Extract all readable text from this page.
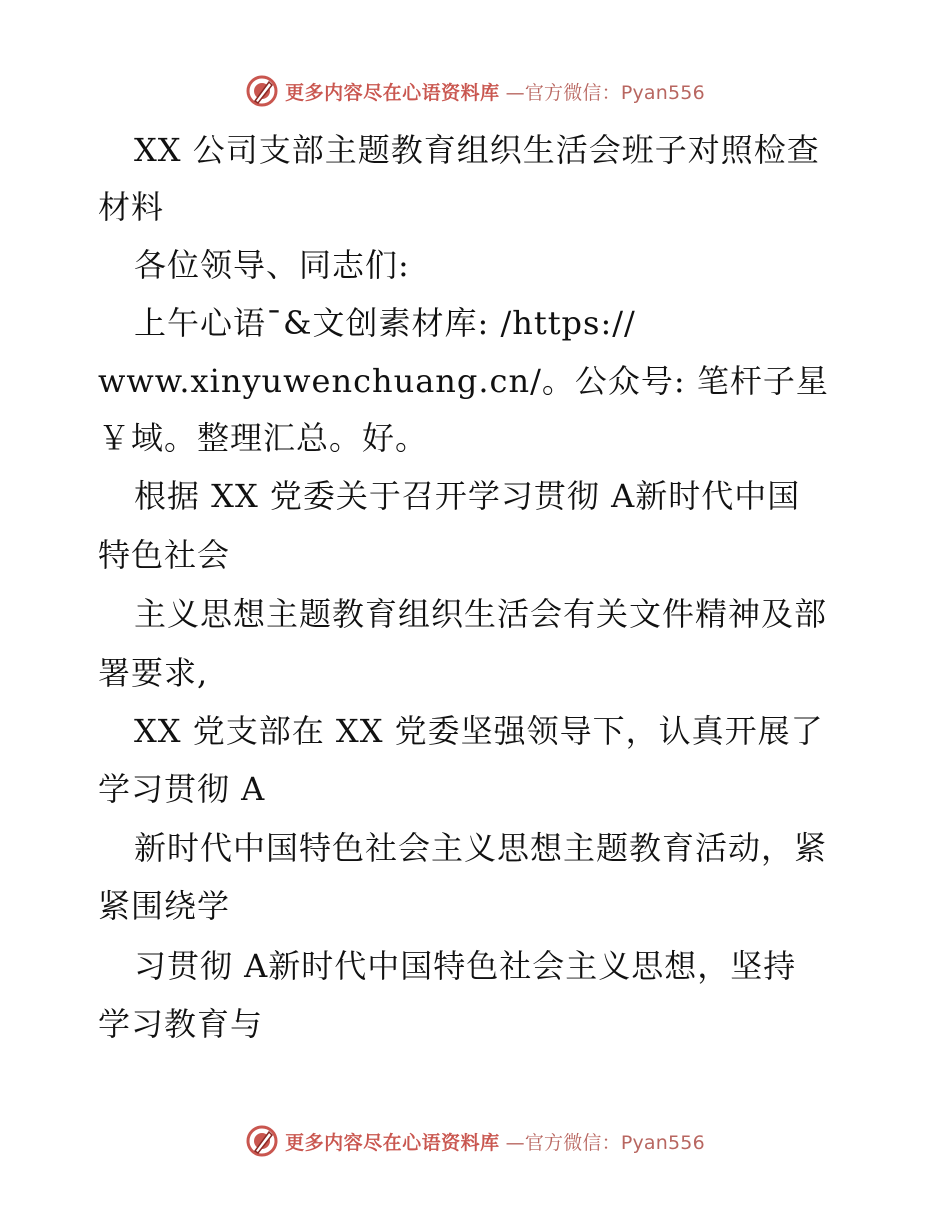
更多内容尽在心语资料库 —官方微信：Pyan556
XX 公司支部主题教育组织生活会班子对照检查
材料
各位领导、同志们:
上午心语¯&文创素材库: /https://
www.xinyuwenchuang.cn/。公众号: 笔杆子星
￥域。整理汇总。好。
根据 XX 党委关于召开学习贯彻 A新时代中国
特色社会
主义思想主题教育组织生活会有关文件精神及部
署要求,
XX 党支部在 XX 党委坚强领导下，认真开展了
学习贯彻 A
新时代中国特色社会主义思想主题教育活动，紧
紧围绕学
习贯彻 A新时代中国特色社会主义思想，坚持
学习教育与
更多内容尽在心语资料库 —官方微信：Pyan556
